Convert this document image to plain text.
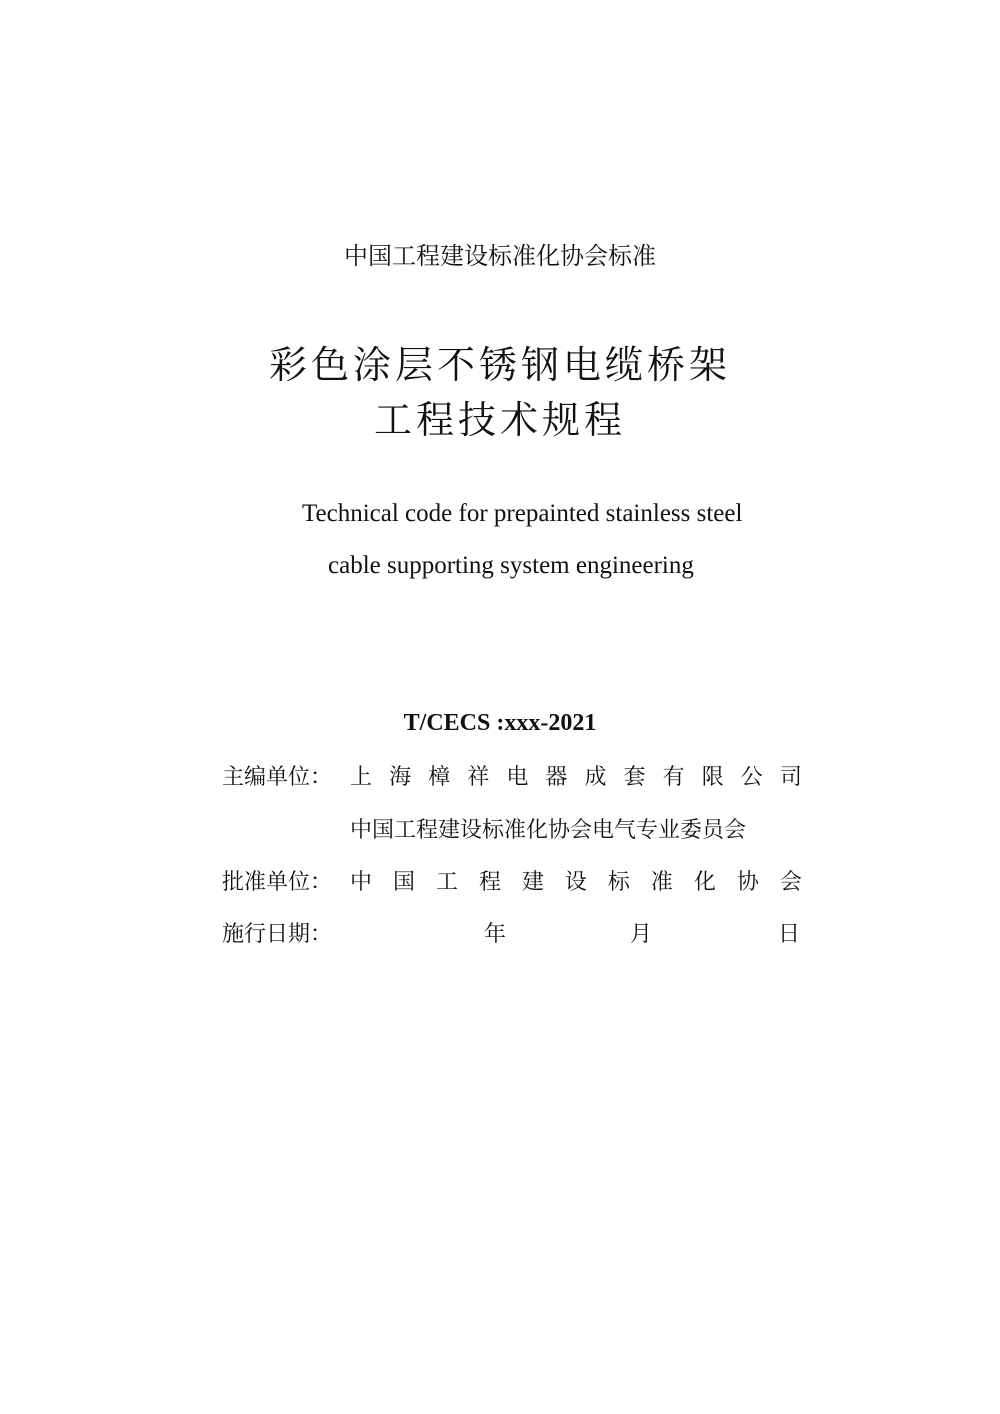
中国工程建设标准化协会标准
彩色涂层不锈钢电缆桥架
工程技术规程
Technical code for prepainted stainless steel
cable supporting system engineering
T/CECS :xxx-2021
主编单位： 上 海 樟 祥 电 器 成 套 有 限 公 司
中国工程建设标准化协会电气专业委员会
批准单位： 中 国 工 程 建 设 标 准 化 协 会
施行日期：	年	月	日
